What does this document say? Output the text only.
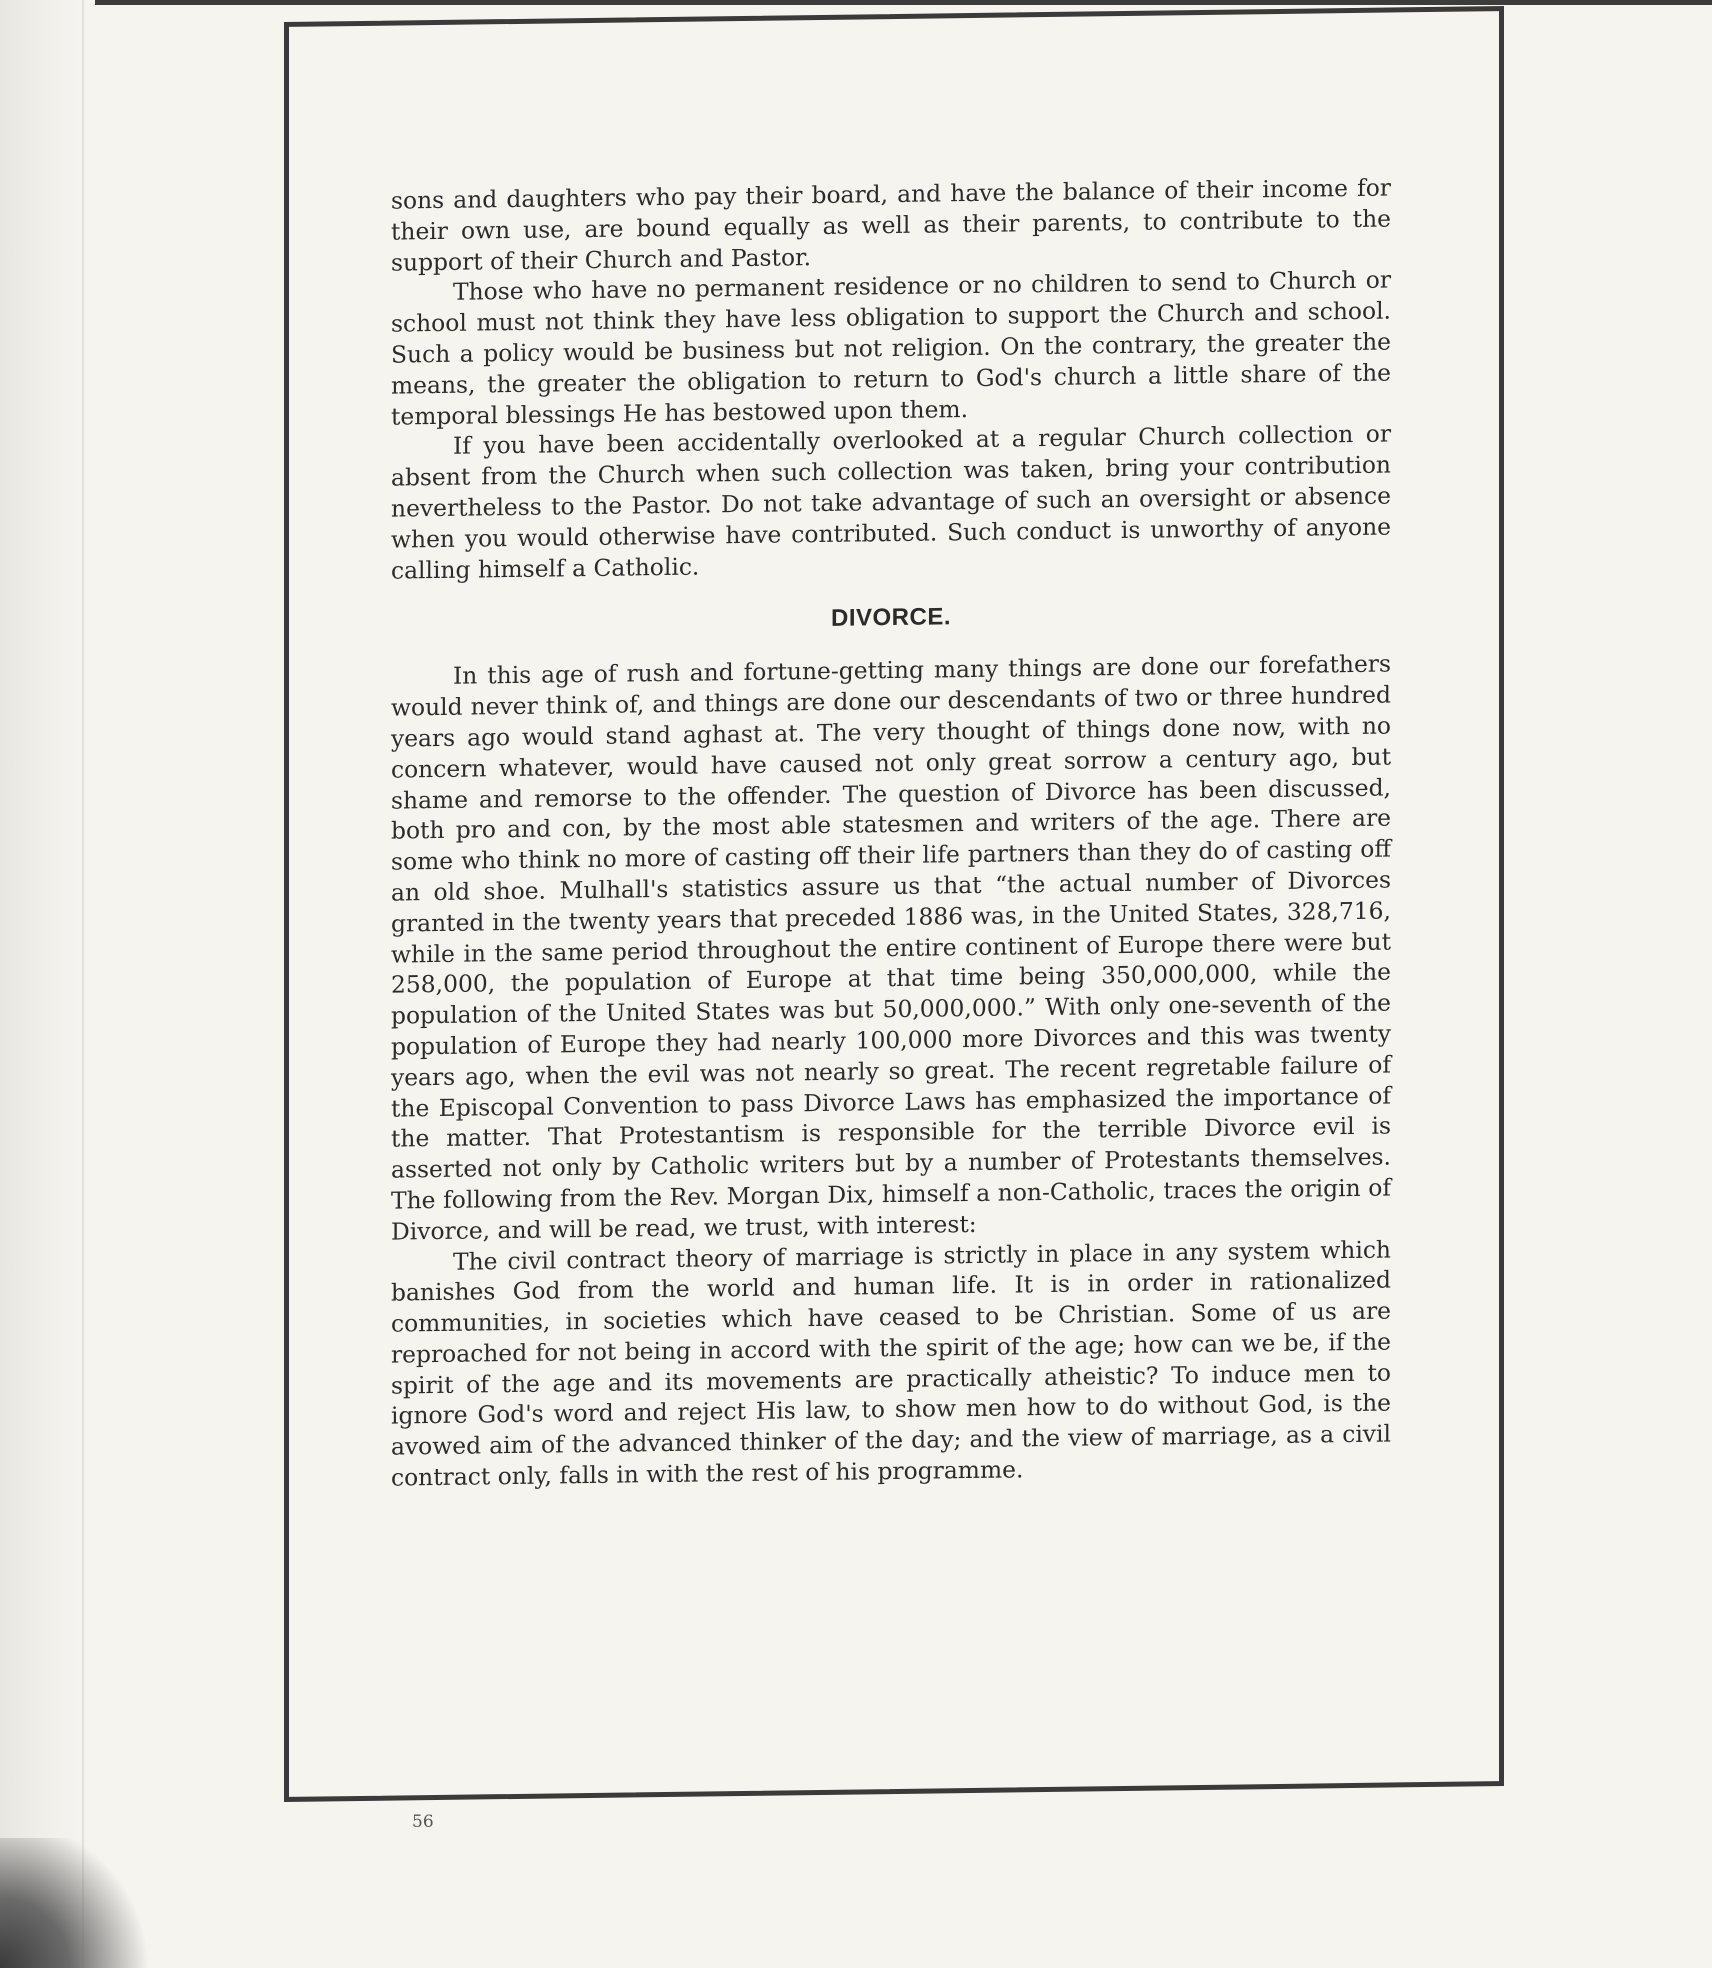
sons and daughters who pay their board, and have the balance of their income for their own use, are bound equally as well as their parents, to contribute to the support of their Church and Pastor.

Those who have no permanent residence or no children to send to Church or school must not think they have less obligation to support the Church and school. Such a policy would be business but not religion. On the contrary, the greater the means, the greater the obligation to return to God's church a little share of the temporal blessings He has bestowed upon them.

If you have been accidentally overlooked at a regular Church collection or absent from the Church when such collection was taken, bring your contribution nevertheless to the Pastor. Do not take advantage of such an oversight or absence when you would otherwise have contributed. Such conduct is unworthy of anyone calling himself a Catholic.

DIVORCE.

In this age of rush and fortune-getting many things are done our forefathers would never think of, and things are done our descendants of two or three hundred years ago would stand aghast at. The very thought of things done now, with no concern whatever, would have caused not only great sorrow a century ago, but shame and remorse to the offender. The question of Divorce has been discussed, both pro and con, by the most able statesmen and writers of the age. There are some who think no more of casting off their life partners than they do of casting off an old shoe. Mulhall's statistics assure us that “the actual number of Divorces granted in the twenty years that preceded 1886 was, in the United States, 328,716, while in the same period throughout the entire continent of Europe there were but 258,000, the population of Europe at that time being 350,000,000, while the population of the United States was but 50,000,000.” With only one-seventh of the population of Europe they had nearly 100,000 more Divorces and this was twenty years ago, when the evil was not nearly so great. The recent regretable failure of the Episcopal Convention to pass Divorce Laws has emphasized the importance of the matter. That Protestantism is responsible for the terrible Divorce evil is asserted not only by Catholic writers but by a number of Protestants themselves. The following from the Rev. Morgan Dix, himself a non-Catholic, traces the origin of Divorce, and will be read, we trust, with interest:

The civil contract theory of marriage is strictly in place in any system which banishes God from the world and human life. It is in order in rationalized communities, in societies which have ceased to be Christian. Some of us are reproached for not being in accord with the spirit of the age; how can we be, if the spirit of the age and its movements are practically atheistic? To induce men to ignore God's word and reject His law, to show men how to do without God, is the avowed aim of the advanced thinker of the day; and the view of marriage, as a civil contract only, falls in with the rest of his programme.

56
